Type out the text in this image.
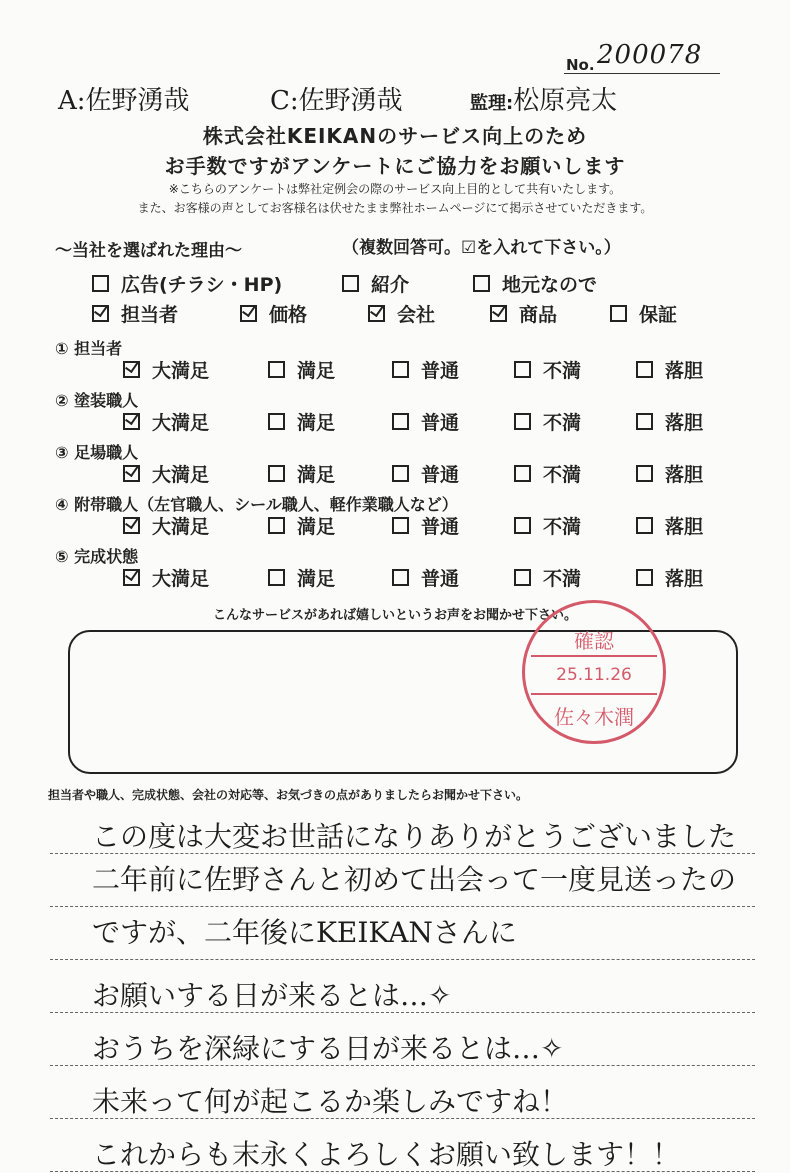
No. 200078
A:佐野湧哉	C:佐野湧哉	監理:松原亮太
株式会社KEIKANのサービス向上のため
お手数ですがアンケートにご協力をお願いします
※こちらのアンケートは弊社定例会の際のサービス向上目的として共有いたします。
また、お客様の声としてお客様名は伏せたまま弊社ホームページにて掲示させていただきます。
～当社を選ばれた理由～	（複数回答可。☑を入れて下さい。）
広告(チラシ・HP)	紹介	地元なので
担当者	価格	会社	商品	保証
① 担当者
大満足	満足	普通	不満	落胆
② 塗装職人
大満足	満足	普通	不満	落胆
③ 足場職人
大満足	満足	普通	不満	落胆
④ 附帯職人（左官職人、シール職人、軽作業職人など）
大満足	満足	普通	不満	落胆
⑤ 完成状態
大満足	満足	普通	不満	落胆
こんなサービスがあれば嬉しいというお声をお聞かせ下さい。
確認
25.11.26
佐々木潤
担当者や職人、完成状態、会社の対応等、お気づきの点がありましたらお聞かせ下さい。
この度は大変お世話になりありがとうございました
二年前に佐野さんと初めて出会って一度見送ったのですが、二年後にKEIKANさんに
お願いする日が来るとは…✧
おうちを深緑にする日が来るとは…✧
未来って何が起こるか楽しみですね！
これからも末永くよろしくお願い致します！！
